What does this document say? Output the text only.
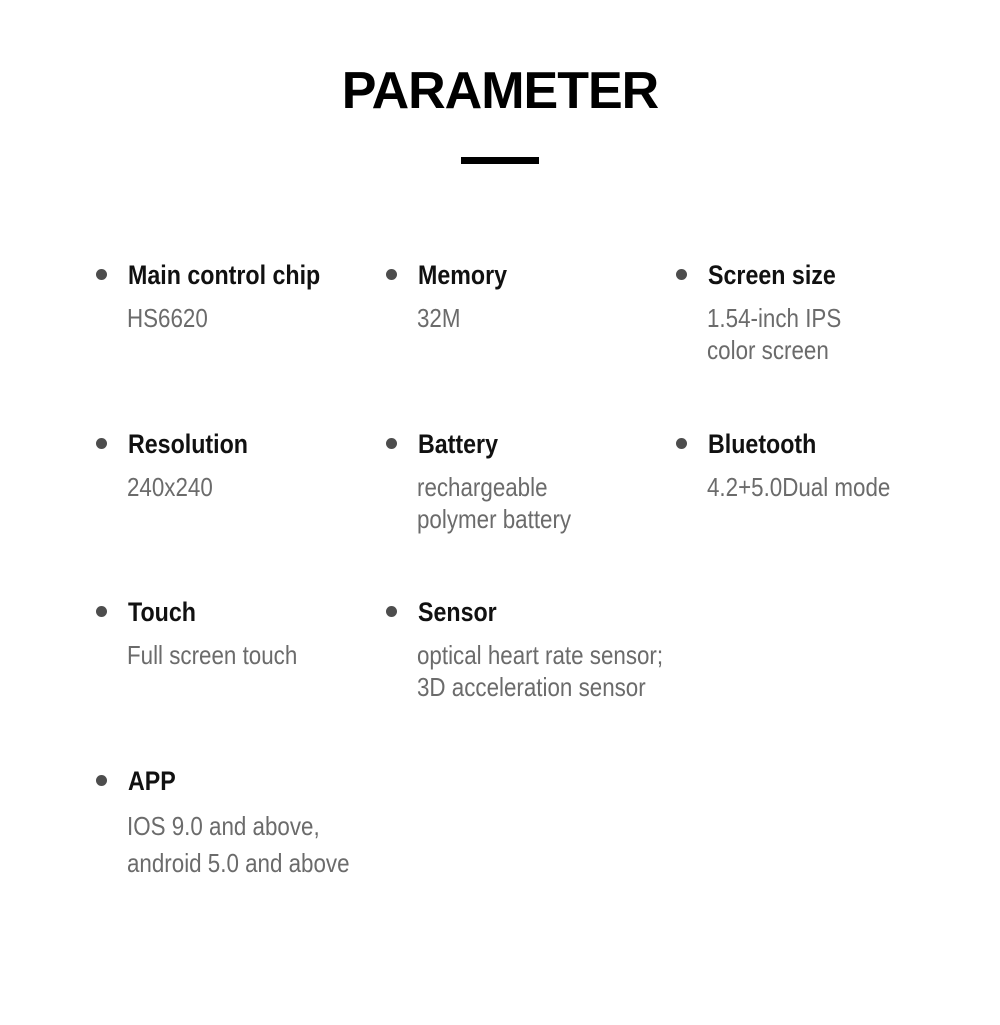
PARAMETER
Main control chip
HS6620
Memory
32M
Screen size
1.54-inch IPS
color screen
Resolution
240x240
Battery
rechargeable
polymer battery
Bluetooth
4.2+5.0Dual mode
Touch
Full screen touch
Sensor
optical heart rate sensor;
3D acceleration sensor
APP
IOS 9.0 and above,
android 5.0 and above
